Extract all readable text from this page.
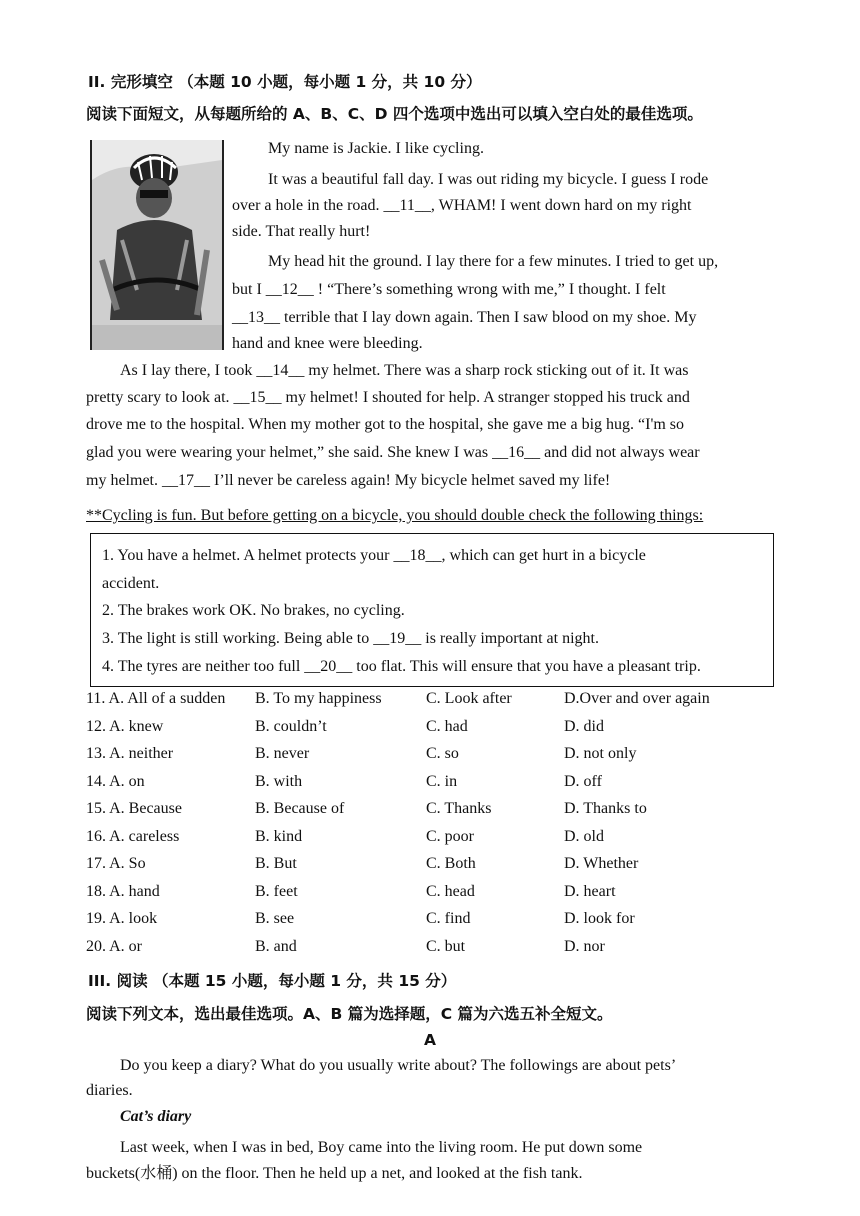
II. 完形填空 （本题 10 小题，每小题 1 分，共 10 分）
阅读下面短文，从每题所给的 A、B、C、D 四个选项中选出可以填入空白处的最佳选项。
My name is Jackie. I like cycling.
It was a beautiful fall day. I was out riding my bicycle. I guess I rode
over a hole in the road. __11__, WHAM! I went down hard on my right
side. That really hurt!
My head hit the ground. I lay there for a few minutes. I tried to get up,
but I __12__ ! “There’s something wrong with me,” I thought. I felt
__13__ terrible that I lay down again. Then I saw blood on my shoe. My
hand and knee were bleeding.
As I lay there, I took __14__ my helmet. There was a sharp rock sticking out of it. It was
pretty scary to look at. __15__ my helmet! I shouted for help. A stranger stopped his truck and
drove me to the hospital. When my mother got to the hospital, she gave me a big hug. “I'm so
glad you were wearing your helmet,” she said. She knew I was __16__ and did not always wear
my helmet. __17__ I’ll never be careless again! My bicycle helmet saved my life!
**Cycling is fun. But before getting on a bicycle, you should double check the following things:
1. You have a helmet. A helmet protects your __18__, which can get hurt in a bicycle
accident.
2. The brakes work OK. No brakes, no cycling.
3. The light is still working. Being able to __19__ is really important at night.
4. The tyres are neither too full __20__ too flat. This will ensure that you have a pleasant trip.
11. A. All of a sudden B. To my happiness	C. Look after	D.Over and over again
12. A. knew	B. couldn’t	C. had	D. did
13. A. neither	B. never	C. so	D. not only
14. A. on	B. with	C. in	D. off
15. A. Because	B. Because of	C. Thanks	D. Thanks to
16. A. careless	B. kind	C. poor	D. old
17. A. So	B. But	C. Both	D. Whether
18. A. hand	B. feet	C. head	D. heart
19. A. look	B. see	C. find	D. look for
20. A. or	B. and	C. but	D. nor
III. 阅读 （本题 15 小题，每小题 1 分，共 15 分）
阅读下列文本，选出最佳选项。A、B 篇为选择题，C 篇为六选五补全短文。
A
Do you keep a diary? What do you usually write about? The followings are about pets’
diaries.
Cat’s diary
Last week, when I was in bed, Boy came into the living room. He put down some
buckets(水桶) on the floor. Then he held up a net, and looked at the fish tank.
